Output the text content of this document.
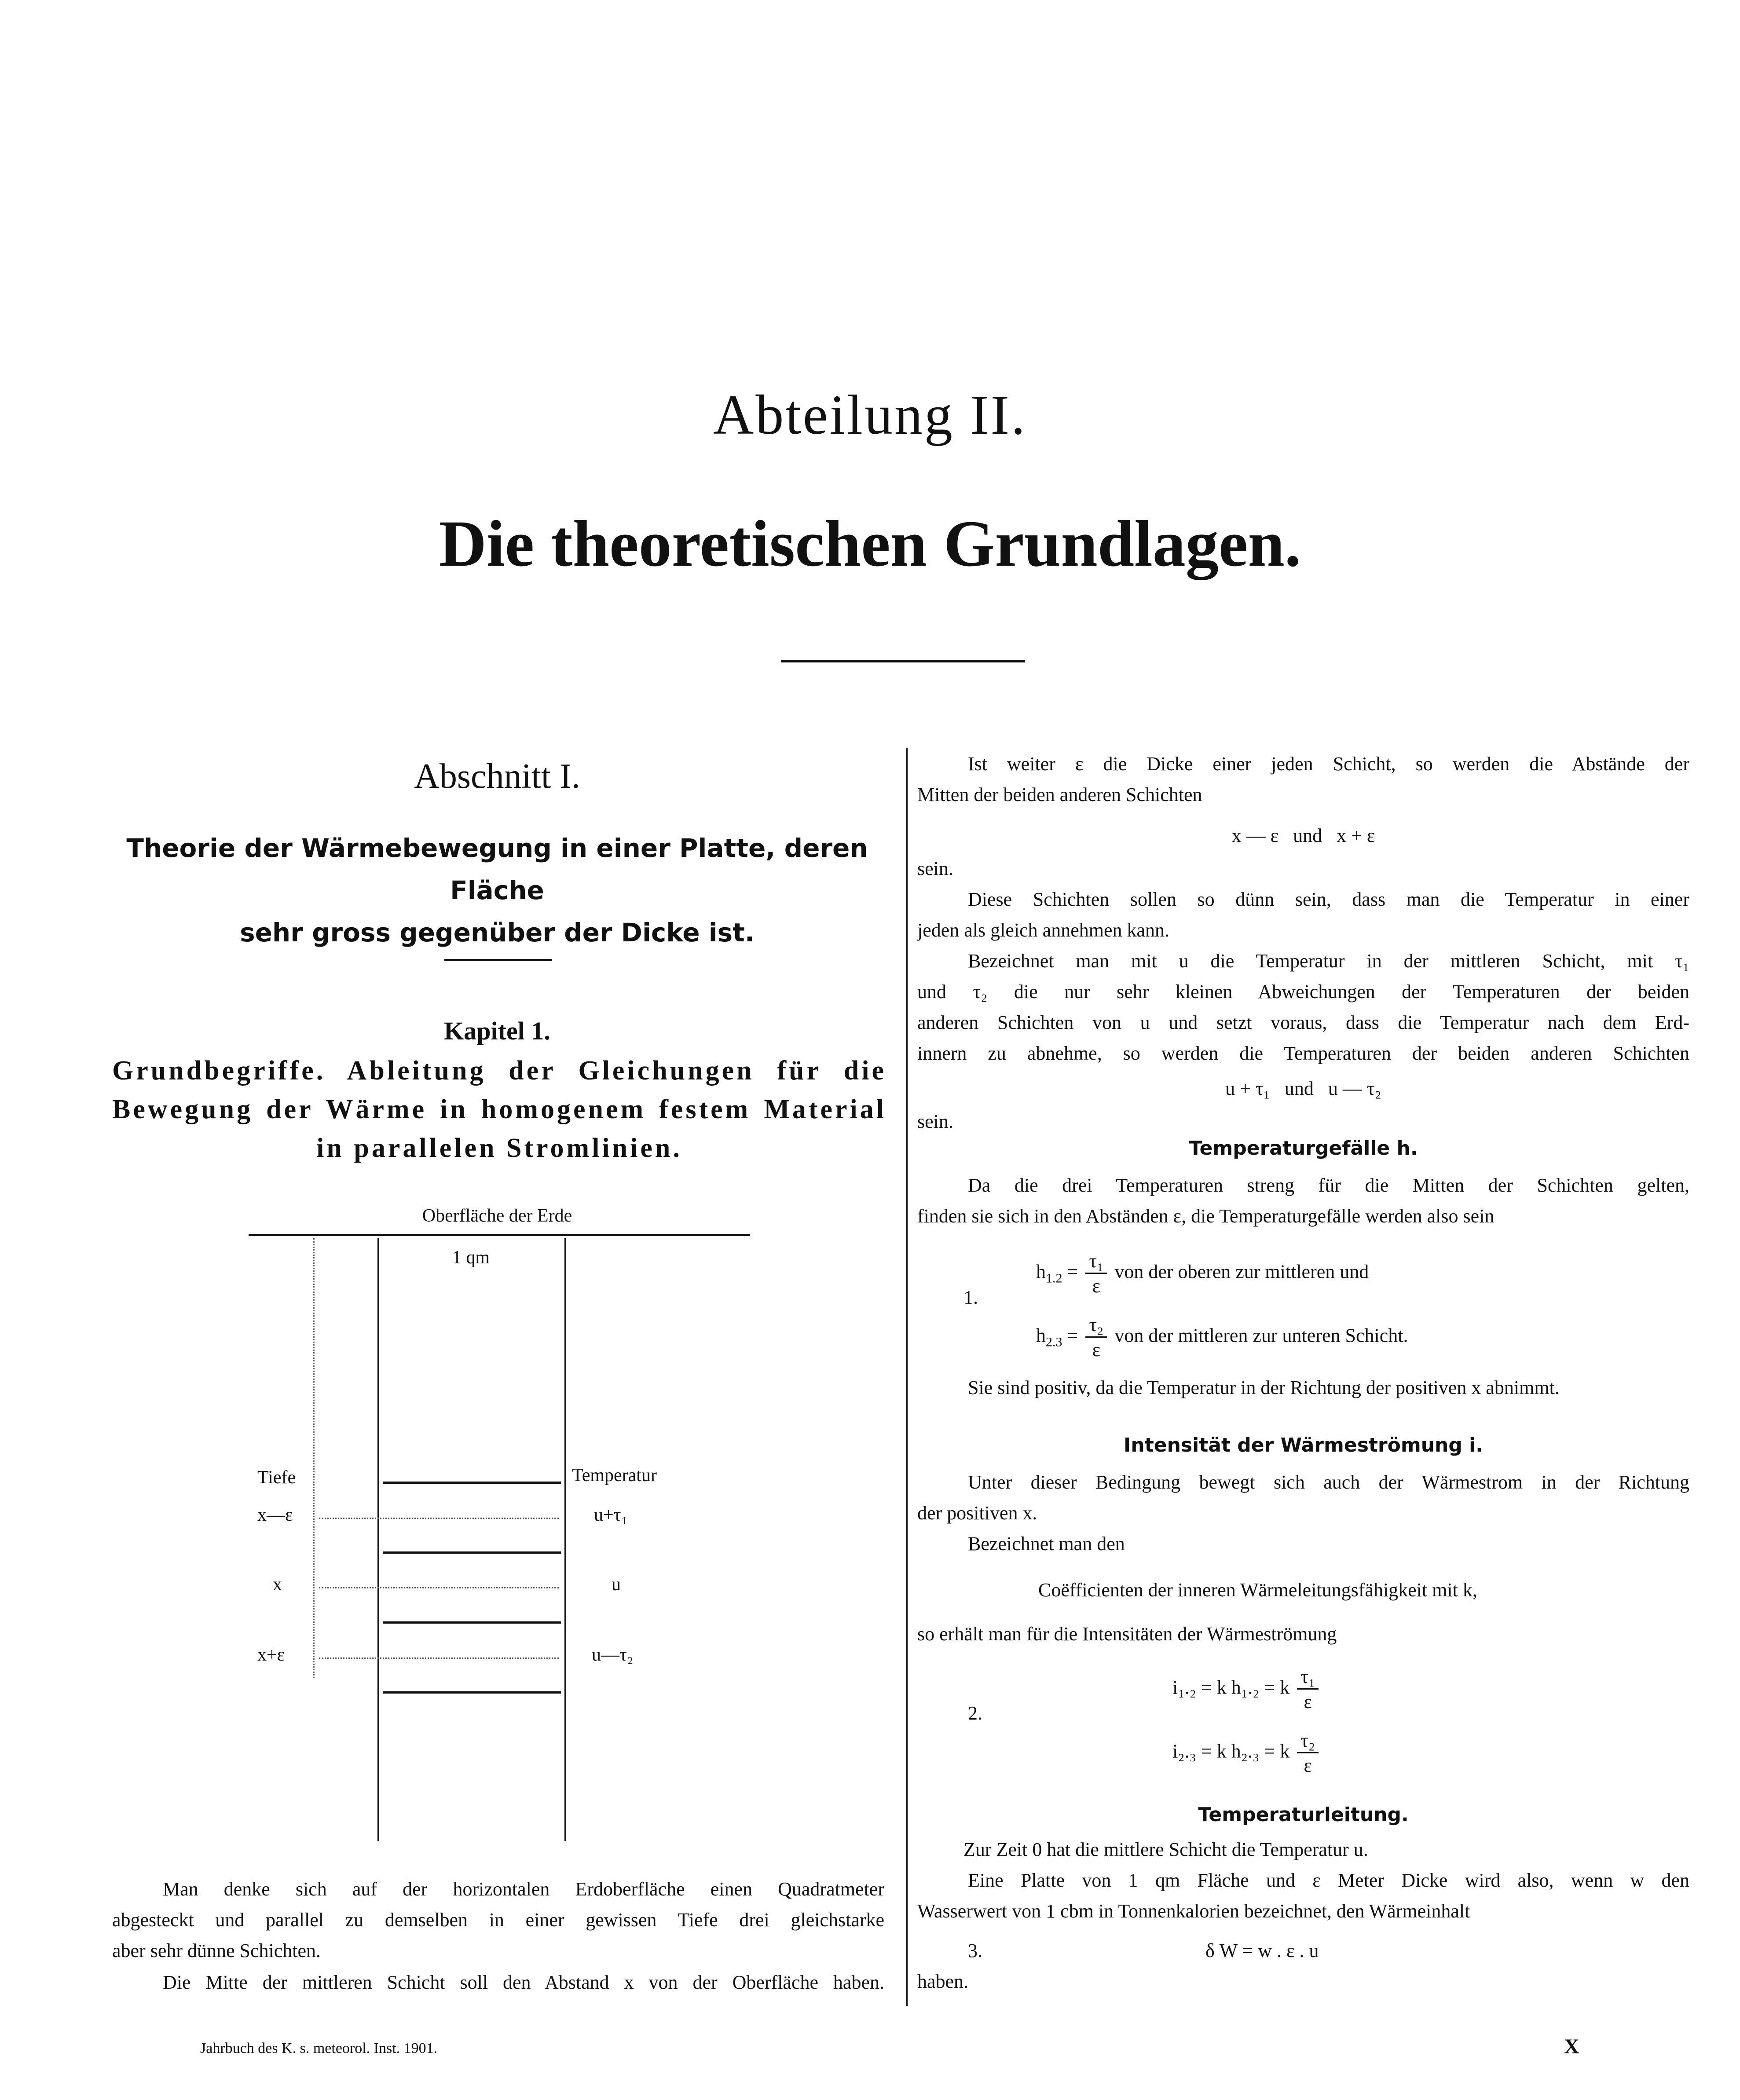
Abteilung II.
Die theoretischen Grundlagen.
Abschnitt I.
Theorie der Wärmebewegung in einer Platte, deren Fläche
sehr gross gegenüber der Dicke ist.
Kapitel 1.
Grundbegriffe. Ableitung der Gleichungen für die
Bewegung der Wärme in homogenem festem Material
in parallelen Stromlinien.
Oberfläche der Erde
1 qm
Tiefe	Temperatur
x—ε	u+τ₁
x	u
x+ε	u—τ₂
Man denke sich auf der horizontalen Erdoberfläche einen Quadratmeter
abgesteckt und parallel zu demselben in einer gewissen Tiefe drei gleichstarke
aber sehr dünne Schichten.
Die Mitte der mittleren Schicht soll den Abstand x von der Oberfläche haben.
Ist weiter ε die Dicke einer jeden Schicht, so werden die Abstände der
Mitten der beiden anderen Schichten
x — ε   und   x + ε
sein.
Diese Schichten sollen so dünn sein, dass man die Temperatur in einer
jeden als gleich annehmen kann.
Bezeichnet man mit u die Temperatur in der mittleren Schicht, mit τ₁
und τ₂ die nur sehr kleinen Abweichungen der Temperaturen der beiden
anderen Schichten von u und setzt voraus, dass die Temperatur nach dem Erd-
innern zu abnehme, so werden die Temperaturen der beiden anderen Schichten
u + τ₁   und   u — τ₂
sein.
Temperaturgefälle h.
Da die drei Temperaturen streng für die Mitten der Schichten gelten,
finden sie sich in den Abständen ε, die Temperaturgefälle werden also sein
1.
$h_{1.2} = \frac{\text{τ₁}}{\varepsilon}$ von der oberen zur mittleren und
$h_{2.3} = \frac{\text{τ₂}}{\varepsilon}$ von der mittleren zur unteren Schicht.
Sie sind positiv, da die Temperatur in der Richtung der positiven x abnimmt.
Intensität der Wärmeströmung i.
Unter dieser Bedingung bewegt sich auch der Wärmestrom in der Richtung
der positiven x.
Bezeichnet man den
Coëfficienten der inneren Wärmeleitungsfähigkeit mit k,
so erhält man für die Intensitäten der Wärmeströmung
2.
i₁.₂ = k h₁.₂ = k $\frac{\text{τ₁}}{\varepsilon}$
i₂.₃ = k h₂.₃ = k $\frac{\text{τ₂}}{\varepsilon}$
Temperaturleitung.
Zur Zeit 0 hat die mittlere Schicht die Temperatur u.
Eine Platte von 1 qm Fläche und ε Meter Dicke wird also, wenn w den
Wasserwert von 1 cbm in Tonnenkalorien bezeichnet, den Wärmeinhalt
3.	δ W = w . ε . u
haben.
Jahrbuch des K. s. meteorol. Inst. 1901.	X
